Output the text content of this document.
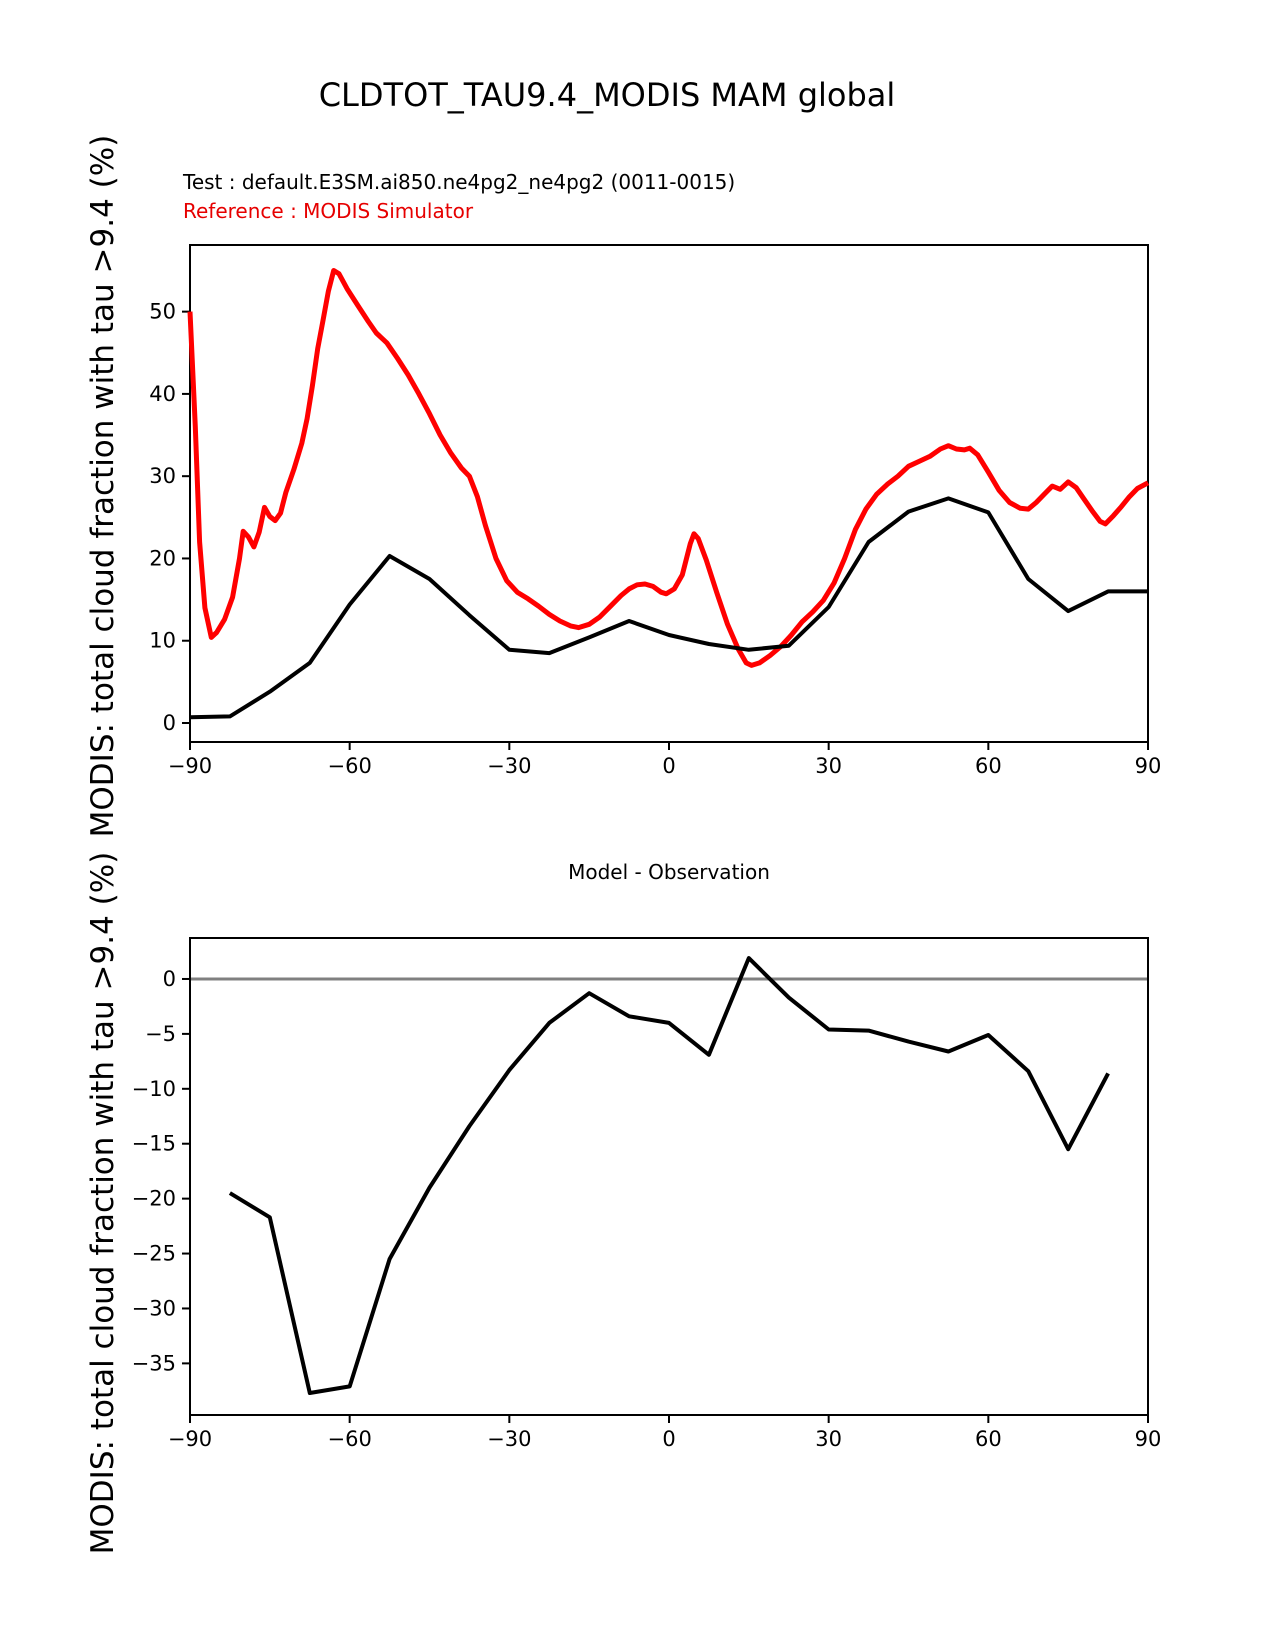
−90	−60	−30	0	30	60	90
0
10
20
30
40
50
−90	−60	−30	0	30	60	90
0
−5
−10
−15
−20
−25
−30
−35
CLDTOT_TAU9.4_MODIS MAM global
Test : default.E3SM.ai850.ne4pg2_ne4pg2 (0011-0015)
Reference : MODIS Simulator
MODIS: total cloud fraction with tau >9.4 (%)
MODIS: total cloud fraction with tau >9.4 (%)	Model - Observation
